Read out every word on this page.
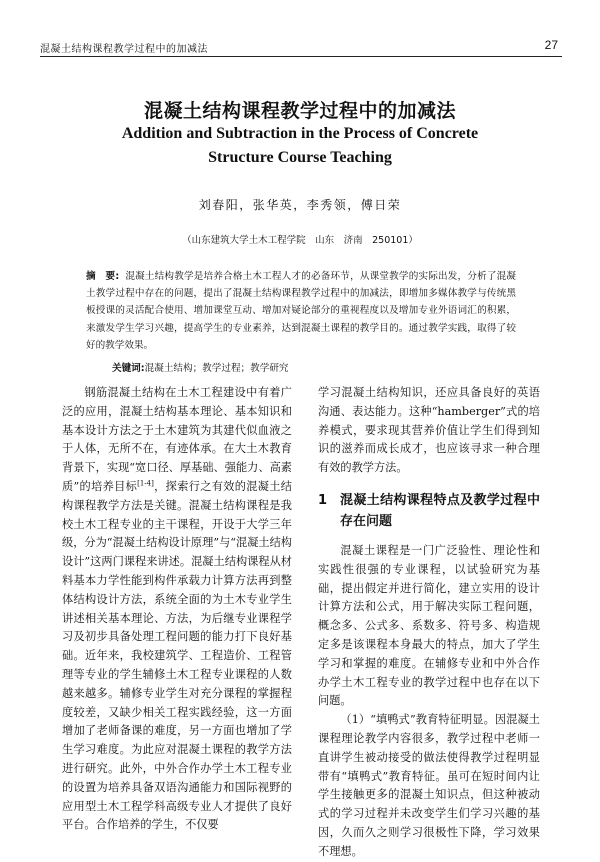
混凝土结构课程教学过程中的加减法	27
混凝土结构课程教学过程中的加减法
Addition and Subtraction in the Process of Concrete Structure Course Teaching
刘春阳，张华英，李秀领，傅日荣
（山东建筑大学土木工程学院　山东　济南　250101）
摘　要: 混凝土结构教学是培养合格土木工程人才的必备环节，从课堂教学的实际出发，分析了混凝土教学过程中存在的问题，提出了混凝土结构课程教学过程中的加减法，即增加多媒体教学与传统黑板授课的灵活配合使用、增加课堂互动、增加对疑论部分的重视程度以及增加专业外语词汇的积累，来激发学生学习兴趣，提高学生的专业素养，达到混凝土课程的教学目的。通过教学实践，取得了较好的教学效果。
关键词:混凝土结构；教学过程；教学研究

钢筋混凝土结构在土木工程建设中有着广泛的应用，混凝土结构基本理论、基本知识和基本设计方法之于土木建筑为其建代似血液之于人体，无所不在，有迹体承。在大土木教育背景下，实现“宽口径、厚基础、强能力、高素质”的培养目标[1-4]，探索行之有效的混凝土结构课程教学方法是关键。混凝土结构课程是我校土木工程专业的主干课程，开设于大学三年级，分为“混凝土结构设计原理”与“混凝土结构设计”这两门课程来讲述。混凝土结构课程从材料基本力学性能到构件承载力计算方法再到整体结构设计方法，系统全面的为土木专业学生讲述相关基本理论、方法，为后继专业课程学习及初步具备处理工程问题的能力打下良好基础。近年来，我校建筑学、工程造价、工程管理等专业的学生辅修土木工程专业课程的人数越来越多。辅修专业学生对充分课程的掌握程度较差，又缺少相关工程实践经验，这一方面增加了老师备课的难度，另一方面也增加了学生学习难度。为此应对混凝土课程的教学方法进行研究。此外，中外合作办学土木工程专业的设置为培养具备双语沟通能力和国际视野的应用型土木工程学科高级专业人才提供了良好平台。合作培养的学生，不仅要

学习混凝土结构知识，还应具备良好的英语沟通、表达能力。这种“hamberger”式的培养模式，要求现其营养价值让学生们得到知识的滋养而成长成才，也应该寻求一种合理有效的教学方法。

1 混凝土结构课程特点及教学过程中存在问题

混凝土课程是一门广泛验性、理论性和实践性很强的专业课程，以试验研究为基础，提出假定并进行简化，建立实用的设计计算方法和公式，用于解决实际工程问题，概念多、公式多、系数多、符号多、构造规定多是该课程本身最大的特点，加大了学生学习和掌握的难度。在辅修专业和中外合作办学土木工程专业的教学过程中也存在以下问题。

（1）“填鸭式”教育特征明显。因混凝土课程理论教学内容很多，教学过程中老师一直讲学生被动接受的做法使得教学过程明显带有“填鸭式”教育特征。虽可在短时间内让学生接触更多的混凝土知识点，但这种被动式的学习过程并未改变学生们学习兴趣的基因，久而久之则学习很极性下降，学习效果不理想。
